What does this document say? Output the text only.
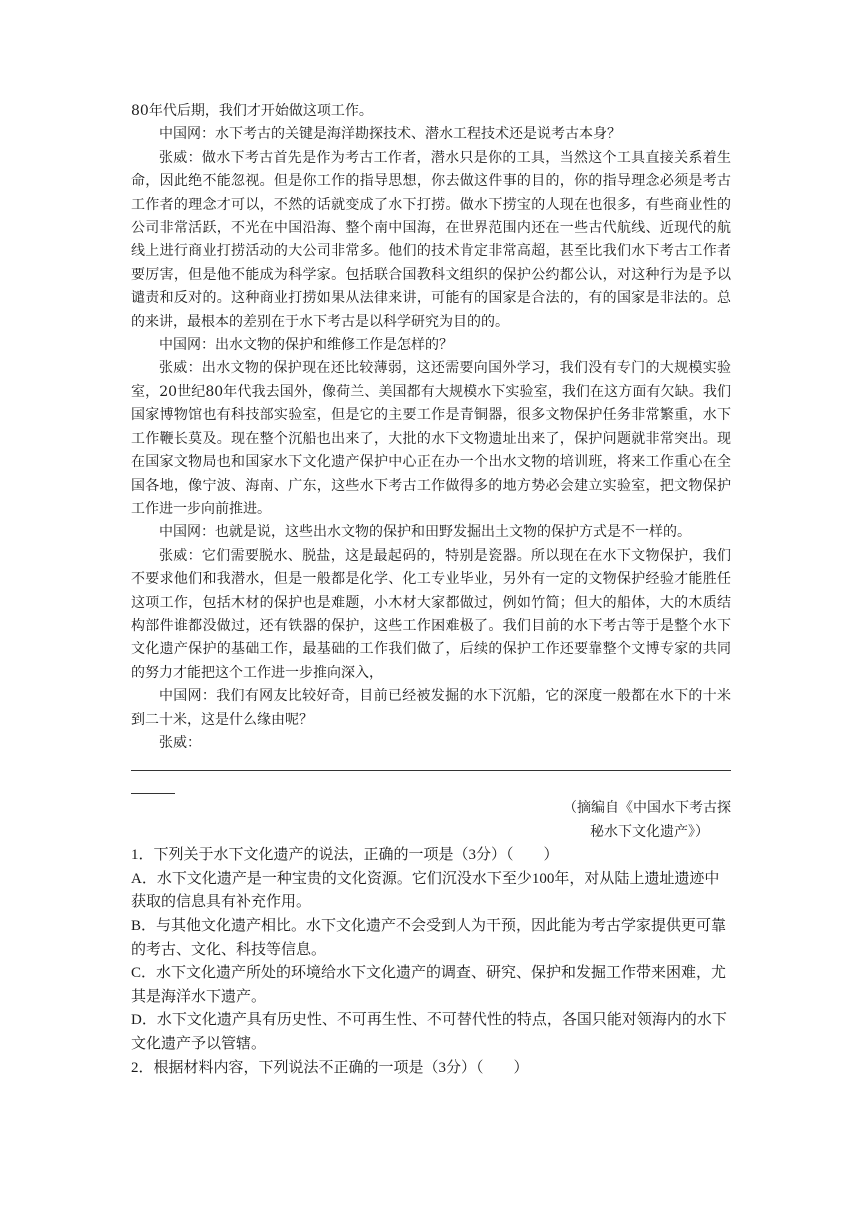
80年代后期，我们才开始做这项工作。

中国网：水下考古的关键是海洋勘探技术、潜水工程技术还是说考古本身？

张威：做水下考古首先是作为考古工作者，潜水只是你的工具，当然这个工具直接关系着生命，因此绝不能忽视。但是你工作的指导思想，你去做这件事的目的，你的指导理念必须是考古工作者的理念才可以，不然的话就变成了水下打捞。做水下捞宝的人现在也很多，有些商业性的公司非常活跃，不光在中国沿海、整个南中国海，在世界范围内还在一些古代航线、近现代的航线上进行商业打捞活动的大公司非常多。他们的技术肯定非常高超，甚至比我们水下考古工作者要厉害，但是他不能成为科学家。包括联合国教科文组织的保护公约都公认，对这种行为是予以谴责和反对的。这种商业打捞如果从法律来讲，可能有的国家是合法的，有的国家是非法的。总的来讲，最根本的差别在于水下考古是以科学研究为目的的。

中国网：出水文物的保护和维修工作是怎样的？

张威：出水文物的保护现在还比较薄弱，这还需要向国外学习，我们没有专门的大规模实验室，20世纪80年代我去国外，像荷兰、美国都有大规模水下实验室，我们在这方面有欠缺。我们国家博物馆也有科技部实验室，但是它的主要工作是青铜器，很多文物保护任务非常繁重，水下工作鞭长莫及。现在整个沉船也出来了，大批的水下文物遗址出来了，保护问题就非常突出。现在国家文物局也和国家水下文化遗产保护中心正在办一个出水文物的培训班，将来工作重心在全国各地，像宁波、海南、广东，这些水下考古工作做得多的地方势必会建立实验室，把文物保护工作进一步向前推进。

中国网：也就是说，这些出水文物的保护和田野发掘出土文物的保护方式是不一样的。

张威：它们需要脱水、脱盐，这是最起码的，特别是瓷器。所以现在在水下文物保护，我们不要求他们和我潜水，但是一般都是化学、化工专业毕业，另外有一定的文物保护经验才能胜任这项工作，包括木材的保护也是难题，小木材大家都做过，例如竹简；但大的船体，大的木质结构部件谁都没做过，还有铁器的保护，这些工作困难极了。我们目前的水下考古等于是整个水下文化遗产保护的基础工作，最基础的工作我们做了，后续的保护工作还要靠整个文博专家的共同的努力才能把这个工作进一步推向深入，

中国网：我们有网友比较好奇，目前已经被发掘的水下沉船，它的深度一般都在水下的十米到二十米，这是什么缘由呢？

张威：

（摘编自《中国水下考古探
秘水下文化遗产》）

1．下列关于水下文化遗产的说法，正确的一项是（3分）（　　）

A．水下文化遗产是一种宝贵的文化资源。它们沉没水下至少100年，对从陆上遗址遗迹中获取的信息具有补充作用。

B．与其他文化遗产相比。水下文化遗产不会受到人为干预，因此能为考古学家提供更可靠的考古、文化、科技等信息。

C．水下文化遗产所处的环境给水下文化遗产的调查、研究、保护和发掘工作带来困难，尤其是海洋水下遗产。

D．水下文化遗产具有历史性、不可再生性、不可替代性的特点，各国只能对领海内的水下文化遗产予以管辖。

2．根据材料内容，下列说法不正确的一项是（3分）（　　）
